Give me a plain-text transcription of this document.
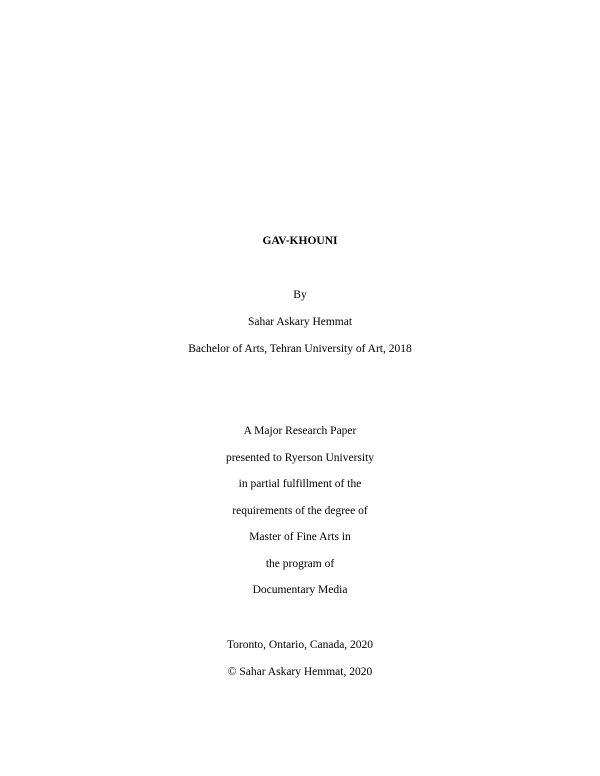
GAV-KHOUNI
By
Sahar Askary Hemmat
Bachelor of Arts, Tehran University of Art, 2018
A Major Research Paper
presented to Ryerson University
in partial fulfillment of the
requirements of the degree of
Master of Fine Arts in
the program of
Documentary Media
Toronto, Ontario, Canada, 2020
© Sahar Askary Hemmat, 2020
